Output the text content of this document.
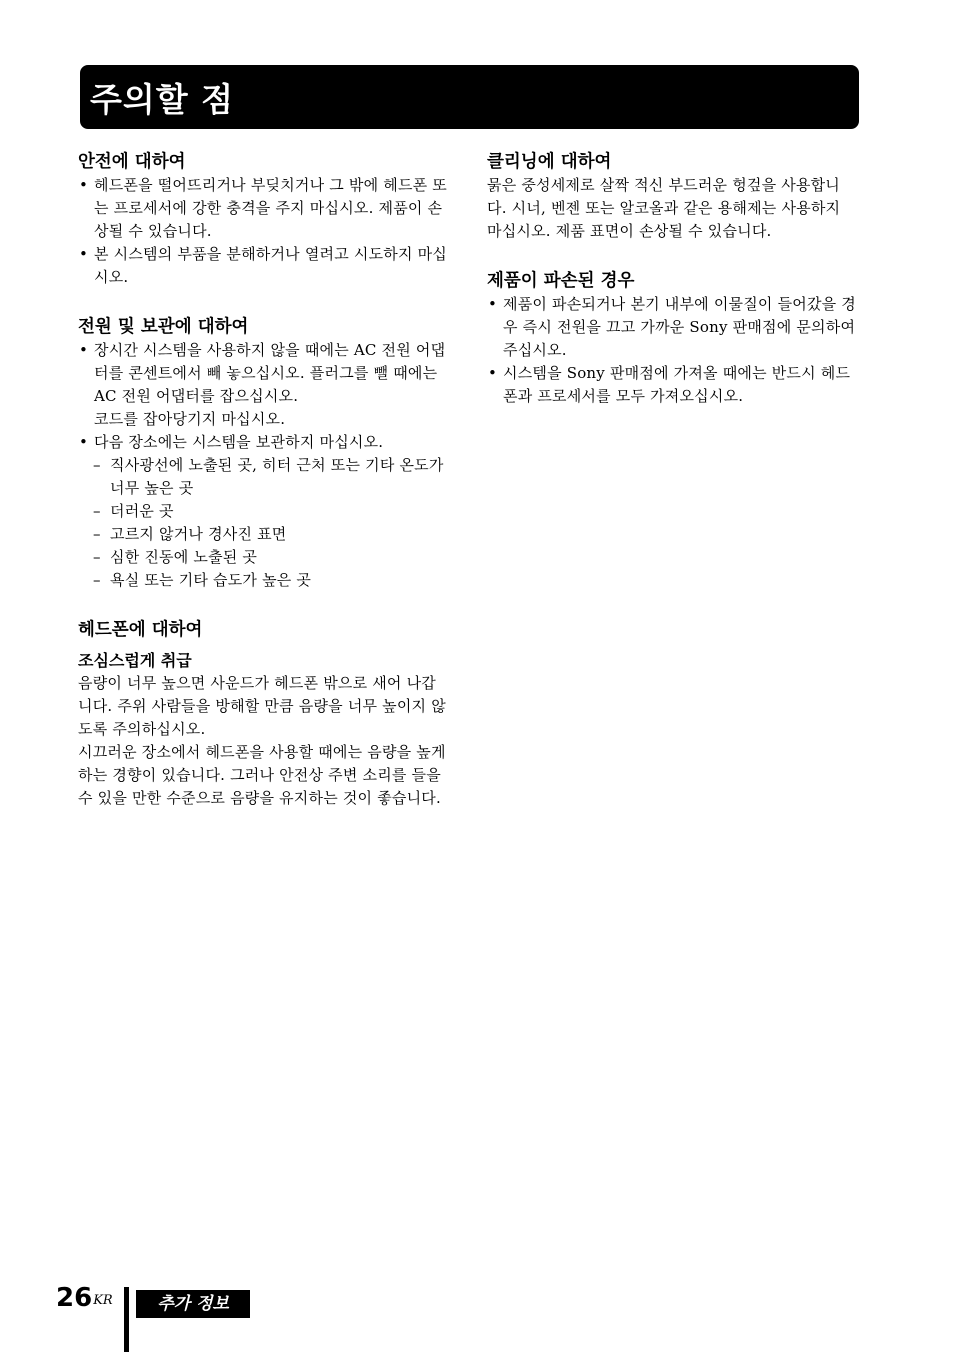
주의할 점
안전에 대하여
• 헤드폰을 떨어뜨리거나 부딪치거나 그 밖에 헤드폰 또는 프로세서에 강한 충격을 주지 마십시오. 제품이 손상될 수 있습니다.
• 본 시스템의 부품을 분해하거나 열려고 시도하지 마십시오.
전원 및 보관에 대하여
• 장시간 시스템을 사용하지 않을 때에는 AC 전원 어댑터를 콘센트에서 빼 놓으십시오. 플러그를 뺄 때에는 AC 전원 어댑터를 잡으십시오.
코드를 잡아당기지 마십시오.
• 다음 장소에는 시스템을 보관하지 마십시오.
– 직사광선에 노출된 곳, 히터 근처 또는 기타 온도가 너무 높은 곳
– 더러운 곳
– 고르지 않거나 경사진 표면
– 심한 진동에 노출된 곳
– 욕실 또는 기타 습도가 높은 곳
헤드폰에 대하여
조심스럽게 취급

음량이 너무 높으면 사운드가 헤드폰 밖으로 새어 나갑니다. 주위 사람들을 방해할 만큼 음량을 너무 높이지 않도록 주의하십시오.

시끄러운 장소에서 헤드폰을 사용할 때에는 음량을 높게 하는 경향이 있습니다. 그러나 안전상 주변 소리를 들을 수 있을 만한 수준으로 음량을 유지하는 것이 좋습니다.

클리닝에 대하여

묽은 중성세제로 살짝 적신 부드러운 헝겊을 사용합니다. 시너, 벤젠 또는 알코올과 같은 용해제는 사용하지 마십시오. 제품 표면이 손상될 수 있습니다.

제품이 파손된 경우
• 제품이 파손되거나 본기 내부에 이물질이 들어갔을 경우 즉시 전원을 끄고 가까운 Sony 판매점에 문의하여 주십시오.
• 시스템을 Sony 판매점에 가져올 때에는 반드시 헤드폰과 프로세서를 모두 가져오십시오.
$26^{KR}$	추가 정보
